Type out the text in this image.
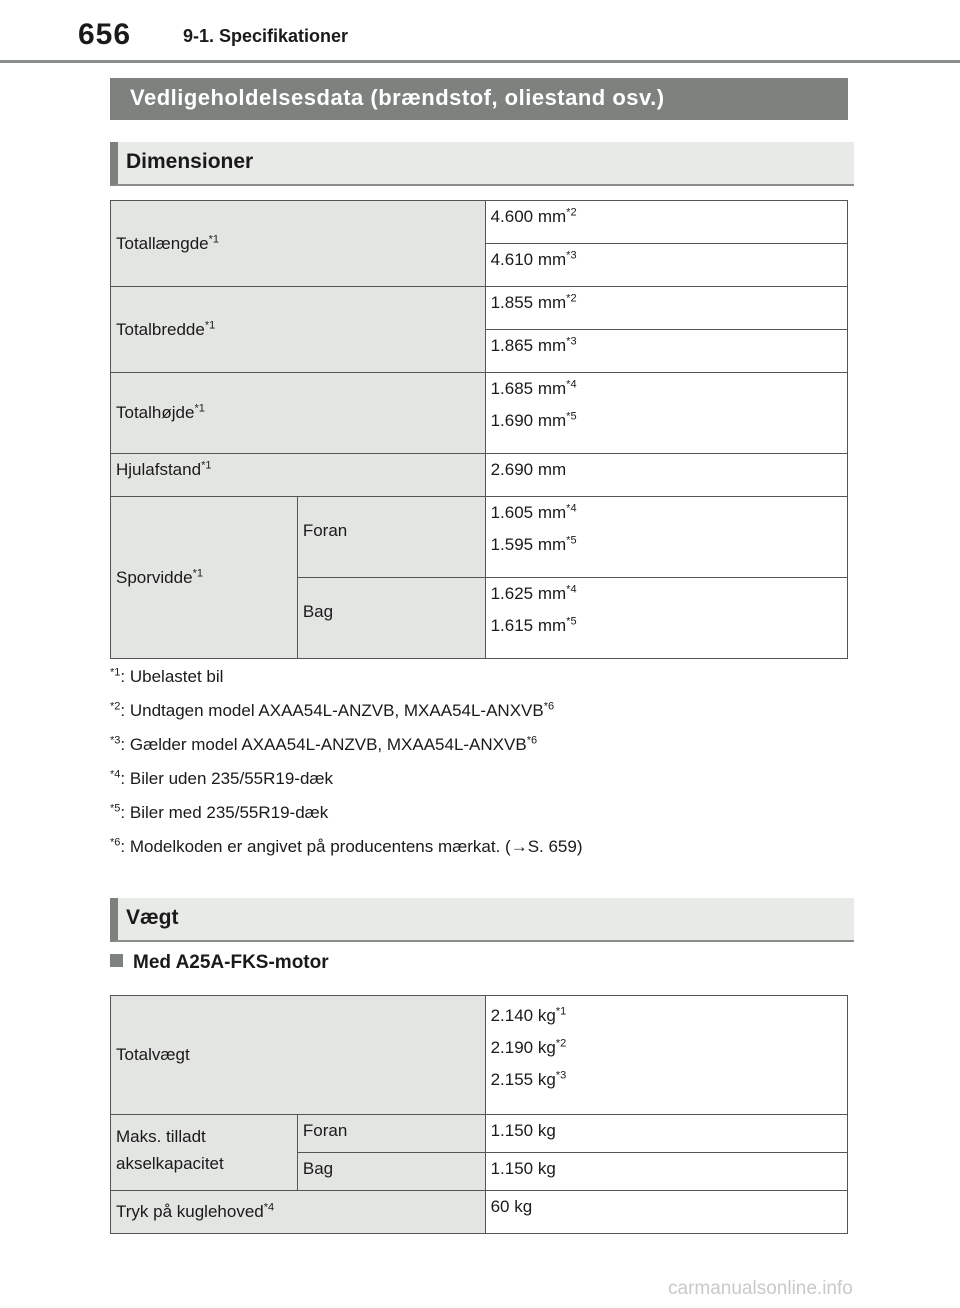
656	9-1. Specifikationer
Vedligeholdelsesdata (brændstof, oliestand osv.)
Dimensioner
Totallængde$^{*1}$		4.600 $mm^{*2}$
		4.610 $mm^{*3}$
Totalbredde$^{*1}$		1.855 $mm^{*2}$
		1.865 $mm^{*3}$
Totalhøjde$^{*1}$		1.685 $mm^{*4}$
1.690 $mm^{*5}$

Hjulafstand$^{*1}$		2.690 mm
Sporvidde$^{*1}$	Foran	1.605 $mm^{*4}$
1.595 $mm^{*5}$

	Bag	1.625 $mm^{*4}$
1.615 $mm^{*5}$
$^{*1}$: Ubelastet bil
$^{*2}$: Undtagen model AXAA54L-ANZVB, MXAA54L-ANXVB$^{*6}$
$^{*3}$: Gælder model AXAA54L-ANZVB, MXAA54L-ANXVB$^{*6}$
$^{*4}$: Biler uden 235/55R19-dæk
$^{*5}$: Biler med 235/55R19-dæk
$^{*6}$: Modelkoden er angivet på producentens mærkat. (→S. 659)
Vægt
Med A25A-FKS-motor
Totalvægt		2.140 $kg^{*1}$
2.190 $kg^{*2}$
2.155 $kg^{*3}$

Maks. tilladt
akselkapacitet	Foran	1.150 kg
	Bag	1.150 kg
Tryk på kuglehoved$^{*4}$		60 kg
carmanualsonline.info
